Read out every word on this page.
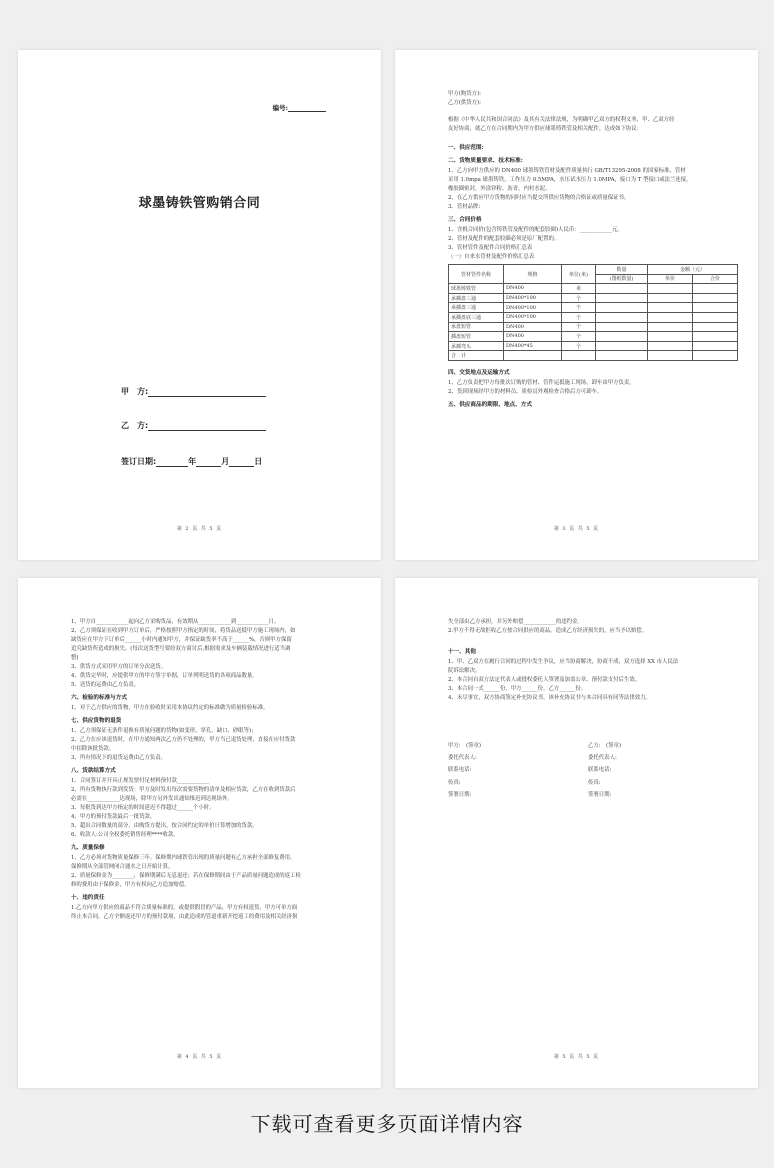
编号:
球墨铸铁管购销合同
甲　方:
乙　方:
签订日期:	年	月	日
第 2 页 共 5 页
甲方(购货方):
乙方(供货方):
根据《中华人民共和国合同法》及其有关法律法规，为明确甲乙双方的权利义务，甲、乙双方经
友好协商，就乙方在合同期内为甲方供应球墨铸铁管及相关配件，达成如下协议：
一、供应范围:
二、货物质量要求、技术标准:
1、乙方向甲方供应的 DN400 球墨铸铁管材及配件质量执行 GB/T13295-2008 的国家标准，管材
采用 1.0mpa 球墨铸铁，工作压力 0.5MPA，水压试水压力 1.0MPA，接口为 T 型接口或法兰连接，
橡胶圈密封，外涂锌粉、沥青，内衬水泥。
2、在乙方供应甲方货物的同时应当提交所供应货物的合格证或质量保证书。
3、管材品牌:
三、合同价格
1、含税合同价(包含铸铁管及配件的配套胶圈)人民币：____________元。
2、管材及配件的配套胶圈必须是原厂配置的。
3、管材管件及配件合同价格汇总表
（一）自来水管材及配件价格汇总表
管材管件名称	规格	单位(米)	数量	金额（元）	
			(图纸数量)	单价	合价
球墨铸铁管	DN400	米			
承插盘三通	DN400*100	个			
承插盘三通	DN400*100	个			
承插盘底三通	DN400*100	个			
承盘短管	DN400	个			
插盘短管	DN400	个			
承插弯头	DN400*45	个			
合　计					
四、交货地点及运输方式
1、乙方负责把甲方每批次订购的管材、管件运抵施工现场，卸车由甲方负责。
2、货到现场经甲方的材料员、质检员外观检查合格后方可卸车。
五、供应商品的期限、地点、方式
第 3 页 共 5 页
1、甲方自____________起向乙方采购货品，有效期从____________到____________日。
2、乙方须保证在收到甲方订单后，严格按照甲方指定的时间，将货品送抵甲方施工现场内，如
缺货应在甲方下订单后______小时内通知甲方，并保证缺货率不高于______%，否则甲方保留
追究缺货所造成的损失。(每次送货型号要经双方商讨后,根据需求及车辆装载情况进行适当调
整)
3、供货方式采用甲方的订单分次送货。
4、供货完毕时，应提供甲方的甲方签字单据，订单列明送货的各项商品数量。
5、送货的运费由乙方负责。
六、检验的标准与方式
1、对于乙方供应的货物，甲方在验收时采用本协议约定的标准做为质量检验标准。
七、供应货物的退货
1、乙方须保证无条件退换有质量问题的货物(如变形、穿孔、缺口、砂眼等)；
2、乙方在应该退货时，在甲方通知两次乙方仍不处理的，甲方当已退货处理，直接在应付货款
中扣除该批货款。
3、所有情况下的退货运费由乙方负责。
八、货款结算方式
1、合同签订并开具正规发票付足材料预付款____________
2、所有货物执行款到发货：甲方及时发出每次需要货物的清单及相应货款，乙方在收到货款后
必需在____________达现场，除甲方另外发出通知推迟到达现场外。
3、每批货到达甲方指定的时间延迟不得超过______个小时。
4、甲方的预付货款最后一批货款。
5、超出合同数量的部分，由购货方提出，按合同约定的单价计算增加的货款。
6、收款人:公司全权委托销售经理****收款。
九、质量保修
1、乙方必须对货物质量保修三年。保修期内球铁管出现的质量问题有乙方承担全部修复费用。
保修期从全部管网闭合通水之日开始计算。
2、质量保修金为________，保修期满后无息退还；若在保修期间由于产品质量问题造成的返工检
修的费用由于保修金，甲方有权向乙方追加赔偿。
十、违约责任
1.乙方向甲方供应的商品不符合质量标准的，或提供假冒的产品，甲方有权退货，甲方可单方面
终止本合同，乙方全额返还甲方的预付款项，由此造成的管道重新开挖返工的费用及相关经济损
第 4 页 共 5 页
失全部由乙方承担，并另外赔偿____________的违约金。
2.甲方不得无故拒收乙方按合同供应的商品，造成乙方经济损失的，应当予以赔偿。
十一、其他
1、甲、乙双方在履行合同的过程中发生争议，应当协商解决，协商不成，双方选择 XX 市人民法
院诉讼解决。
2、本合同自双方法定代表人或授权委托人签署及加盖公章、预付款支付后生效。
3、本合同一式______份，甲方______份，乙方______份。
4、未尽事宜，双方协商签定补充协议书，该补充协议书与本合同具有同等法律效力。
甲方:　(签章)	乙方:　(签章)
委托代表人:	委托代表人:
联系电话:	联系电话:
传真:	传真:
签署日期:	签署日期:
第 5 页 共 5 页
下载可查看更多页面详情内容
